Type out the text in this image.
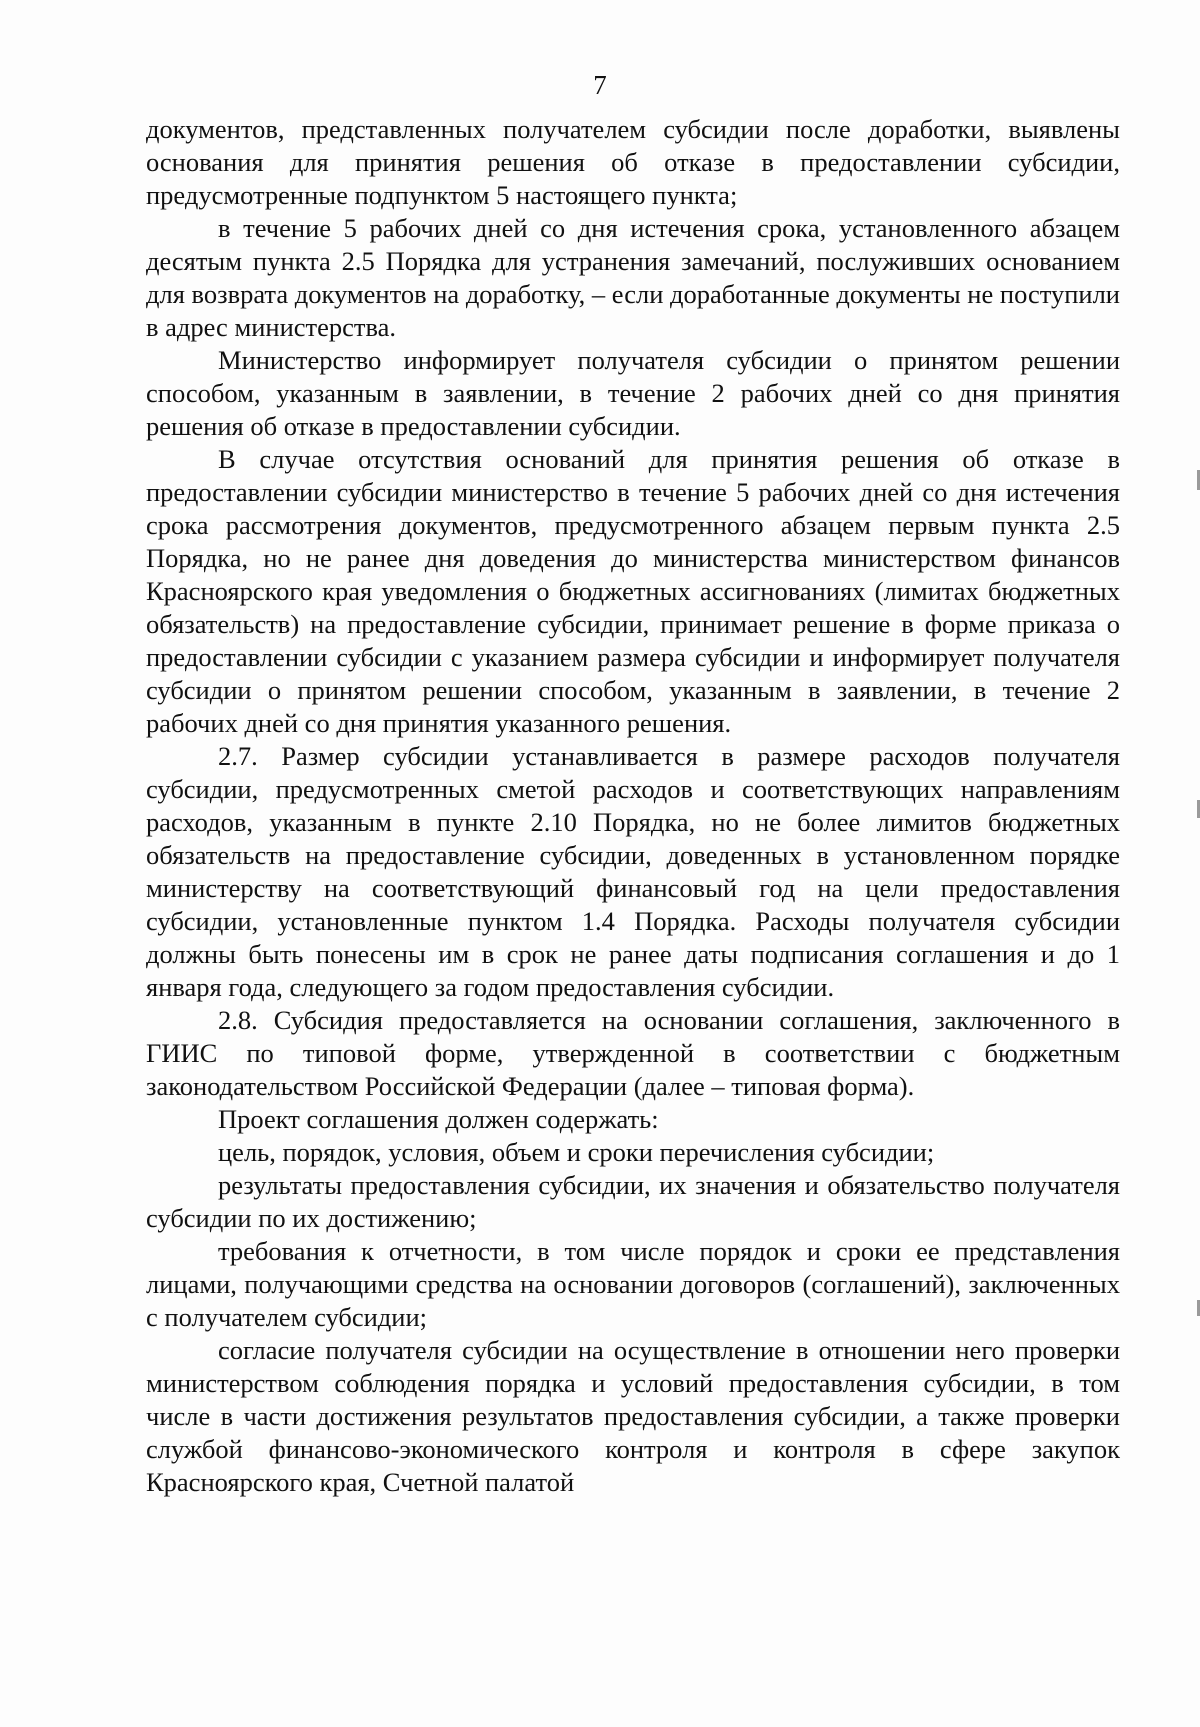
7

документов, представленных получателем субсидии после доработки, выявлены основания для принятия решения об отказе в предоставлении субсидии, предусмотренные подпунктом 5 настоящего пункта;

в течение 5 рабочих дней со дня истечения срока, установленного абзацем десятым пункта 2.5 Порядка для устранения замечаний, послуживших основанием для возврата документов на доработку, – если доработанные документы не поступили в адрес министерства.

Министерство информирует получателя субсидии о принятом решении способом, указанным в заявлении, в течение 2 рабочих дней со дня принятия решения об отказе в предоставлении субсидии.

В случае отсутствия оснований для принятия решения об отказе в предоставлении субсидии министерство в течение 5 рабочих дней со дня истечения срока рассмотрения документов, предусмотренного абзацем первым пункта 2.5 Порядка, но не ранее дня доведения до министерства министерством финансов Красноярского края уведомления о бюджетных ассигнованиях (лимитах бюджетных обязательств) на предоставление субсидии, принимает решение в форме приказа о предоставлении субсидии с указанием размера субсидии и информирует получателя субсидии о принятом решении способом, указанным в заявлении, в течение 2 рабочих дней со дня принятия указанного решения.

2.7. Размер субсидии устанавливается в размере расходов получателя субсидии, предусмотренных сметой расходов и соответствующих направлениям расходов, указанным в пункте 2.10 Порядка, но не более лимитов бюджетных обязательств на предоставление субсидии, доведенных в установленном порядке министерству на соответствующий финансовый год на цели предоставления субсидии, установленные пунктом 1.4 Порядка. Расходы получателя субсидии должны быть понесены им в срок не ранее даты подписания соглашения и до 1 января года, следующего за годом предоставления субсидии.

2.8. Субсидия предоставляется на основании соглашения, заключенного в ГИИС по типовой форме, утвержденной в соответствии с бюджетным законодательством Российской Федерации (далее – типовая форма).

Проект соглашения должен содержать:

цель, порядок, условия, объем и сроки перечисления субсидии;

результаты предоставления субсидии, их значения и обязательство получателя субсидии по их достижению;

требования к отчетности, в том числе порядок и сроки ее представления лицами, получающими средства на основании договоров (соглашений), заключенных с получателем субсидии;

согласие получателя субсидии на осуществление в отношении него проверки министерством соблюдения порядка и условий предоставления субсидии, в том числе в части достижения результатов предоставления субсидии, а также проверки службой финансово-экономического контроля и контроля в сфере закупок Красноярского края, Счетной палатой
